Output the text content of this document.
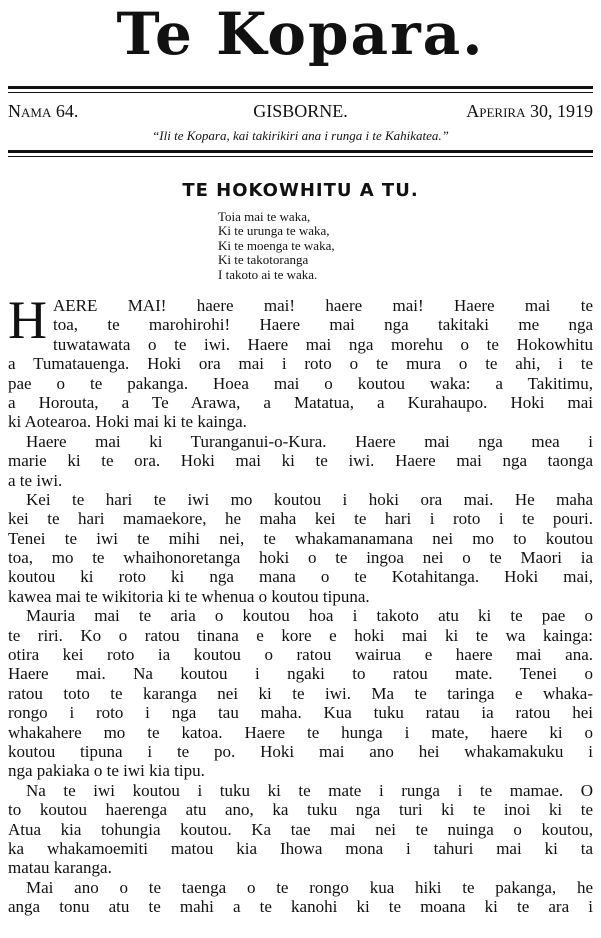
Te Kopara.
GISBORNE.
Nama 64.	Aperira 30, 1919
“Ili te Kopara, kai takirikiri ana i runga i te Kahikatea.”
TE HOKOWHITU A TU.
Toia mai te waka,
Ki te urunga te waka,
Ki te moenga te waka,
Ki te takotoranga
I takoto ai te waka.
H AERE MAI! haere mai! haere mai! Haere mai te
toa, te marohirohi! Haere mai nga takitaki me nga
tuwatawata o te iwi. Haere mai nga morehu o te Hokowhitu
a Tumatauenga. Hoki ora mai i roto o te mura o te ahi, i te
pae o te pakanga. Hoea mai o koutou waka: a Takitimu,
a Horouta, a Te Arawa, a Matatua, a Kurahaupo. Hoki mai
ki Aotearoa. Hoki mai ki te kainga.
Haere mai ki Turanganui-o-Kura. Haere mai nga mea i
marie ki te ora. Hoki mai ki te iwi. Haere mai nga taonga
a te iwi.
Kei te hari te iwi mo koutou i hoki ora mai. He maha
kei te hari mamaekore, he maha kei te hari i roto i te pouri.
Tenei te iwi te mihi nei, te whakamanamana nei mo to koutou
toa, mo te whaihonoretanga hoki o te ingoa nei o te Maori ia
koutou ki roto ki nga mana o te Kotahitanga. Hoki mai,
kawea mai te wikitoria ki te whenua o koutou tipuna.
Mauria mai te aria o koutou hoa i takoto atu ki te pae o
te riri. Ko o ratou tinana e kore e hoki mai ki te wa kainga:
otira kei roto ia koutou o ratou wairua e haere mai ana.
Haere mai. Na koutou i ngaki to ratou mate. Tenei o
ratou toto te karanga nei ki te iwi. Ma te taringa e whaka-
rongo i roto i nga tau maha. Kua tuku ratau ia ratou hei
whakahere mo te katoa. Haere te hunga i mate, haere ki o
koutou tipuna i te po. Hoki mai ano hei whakamakuku i
nga pakiaka o te iwi kia tipu.
Na te iwi koutou i tuku ki te mate i runga i te mamae. O
to koutou haerenga atu ano, ka tuku nga turi ki te inoi ki te
Atua kia tohungia koutou. Ka tae mai nei te nuinga o koutou,
ka whakamoemiti matou kia Ihowa mona i tahuri mai ki ta
matau karanga.
Mai ano o te taenga o te rongo kua hiki te pakanga, he
anga tonu atu te mahi a te kanohi ki te moana ki te ara i
